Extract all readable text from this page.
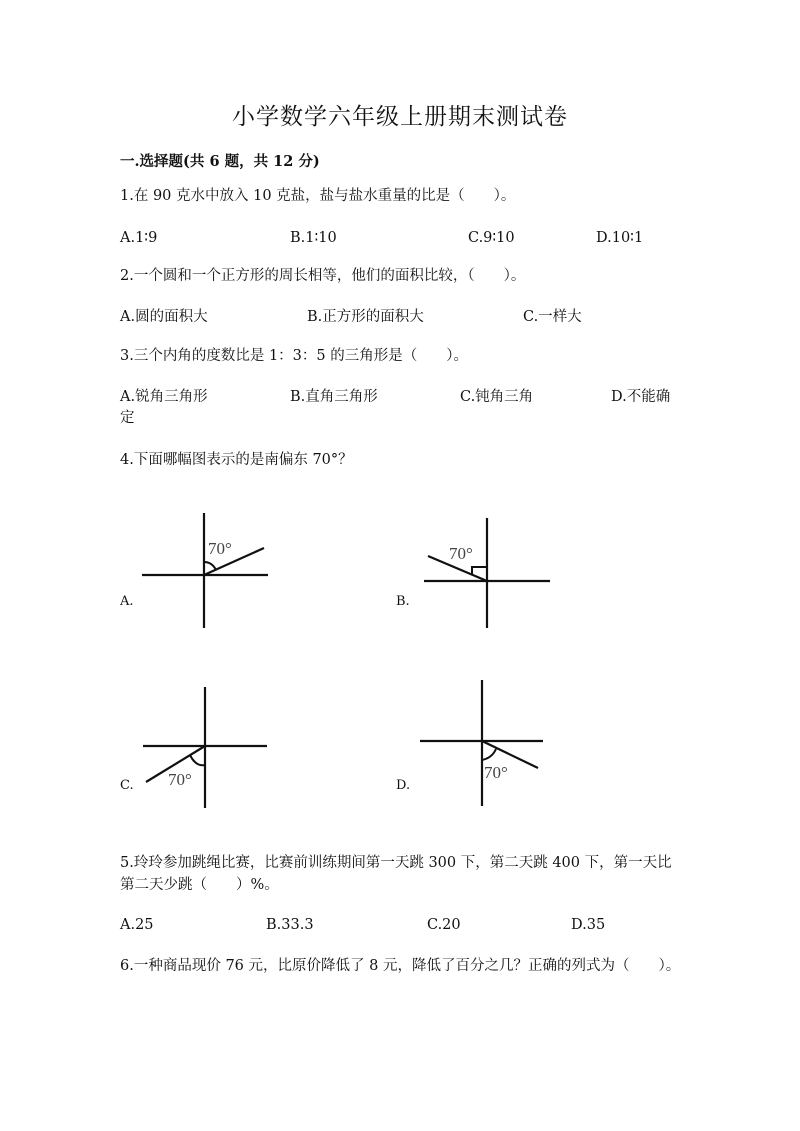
小学数学六年级上册期末测试卷
一.选择题(共 6 题，共 12 分)
1.在 90 克水中放入 10 克盐，盐与盐水重量的比是（　　）。
A.1∶9	B.1∶10	C.9∶10	D.10∶1
2.一个圆和一个正方形的周长相等，他们的面积比较，（　　）。
A.圆的面积大	B.正方形的面积大	C.一样大
3.三个内角的度数比是 1：3：5 的三角形是（　　）。
A.锐角三角形	B.直角三角形	C.钝角三角	D.不能确
定
4.下面哪幅图表示的是南偏东 70°？
A.
70°
B.
70°
C. 70°	D.
70°
5.玲玲参加跳绳比赛，比赛前训练期间第一天跳 300 下，第二天跳 400 下，第一天比第二天少跳（　　）%。
A.25	B.33.3	C.20	D.35
6.一种商品现价 76 元，比原价降低了 8 元，降低了百分之几？正确的列式为（　　）。
